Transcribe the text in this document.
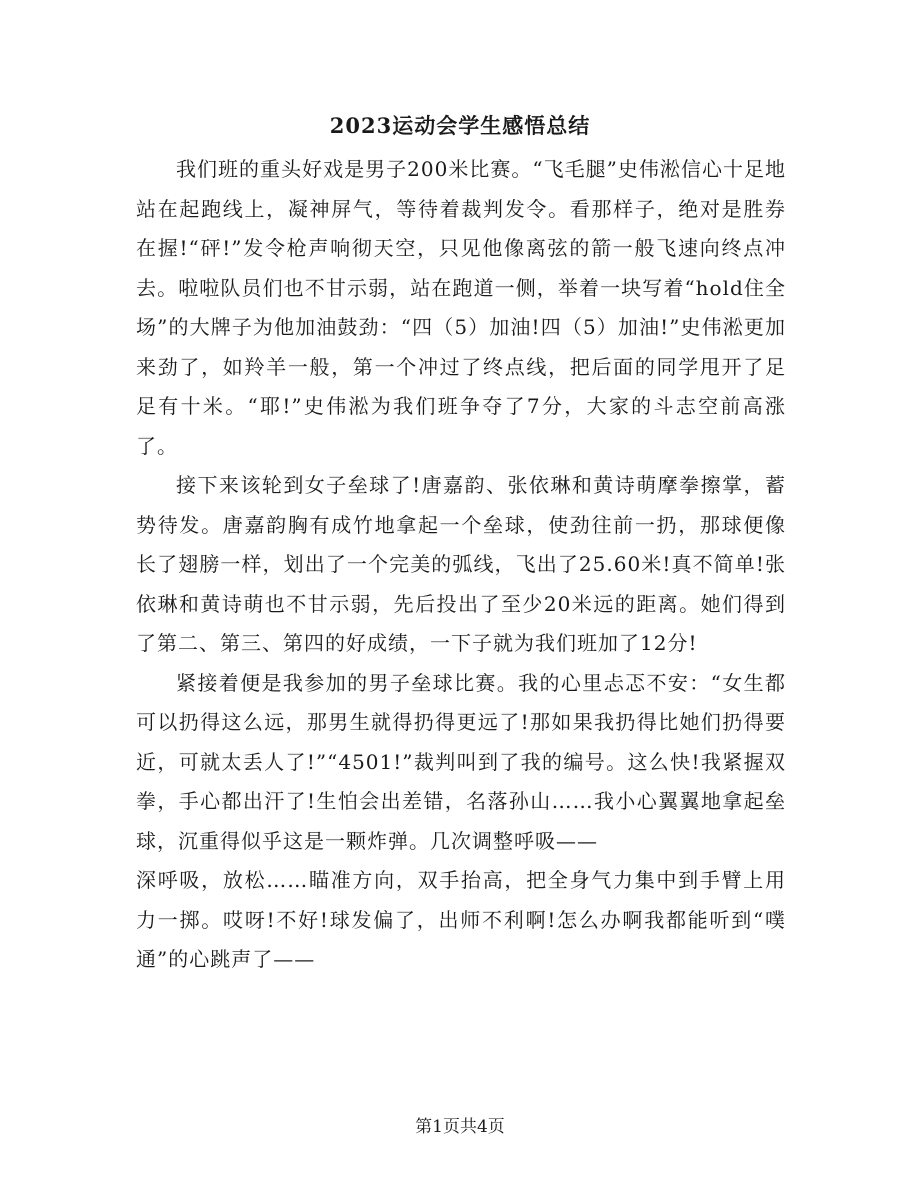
2023运动会学生感悟总结

我们班的重头好戏是男子200米比赛。“飞毛腿”史伟淞信心十足地站在起跑线上，凝神屏气，等待着裁判发令。看那样子，绝对是胜券在握!“砰!”发令枪声响彻天空，只见他像离弦的箭一般飞速向终点冲去。啦啦队员们也不甘示弱，站在跑道一侧，举着一块写着“hold住全场”的大牌子为他加油鼓劲：“四（5）加油!四（5）加油!”史伟淞更加来劲了，如羚羊一般，第一个冲过了终点线，把后面的同学甩开了足足有十米。“耶!”史伟淞为我们班争夺了7分，大家的斗志空前高涨了。

接下来该轮到女子垒球了!唐嘉韵、张依琳和黄诗萌摩拳擦掌，蓄势待发。唐嘉韵胸有成竹地拿起一个垒球，使劲往前一扔，那球便像长了翅膀一样，划出了一个完美的弧线，飞出了25.60米!真不简单!张依琳和黄诗萌也不甘示弱，先后投出了至少20米远的距离。她们得到了第二、第三、第四的好成绩，一下子就为我们班加了12分!

紧接着便是我参加的男子垒球比赛。我的心里忐忑不安：“女生都可以扔得这么远，那男生就得扔得更远了!那如果我扔得比她们扔得要近，可就太丢人了!”“4501!”裁判叫到了我的编号。这么快!我紧握双拳，手心都出汗了!生怕会出差错，名落孙山……我小心翼翼地拿起垒球，沉重得似乎这是一颗炸弹。几次调整呼吸——

深呼吸，放松……瞄准方向，双手抬高，把全身气力集中到手臂上用力一掷。哎呀!不好!球发偏了，出师不利啊!怎么办啊我都能听到“噗通”的心跳声了——

第1页共4页
